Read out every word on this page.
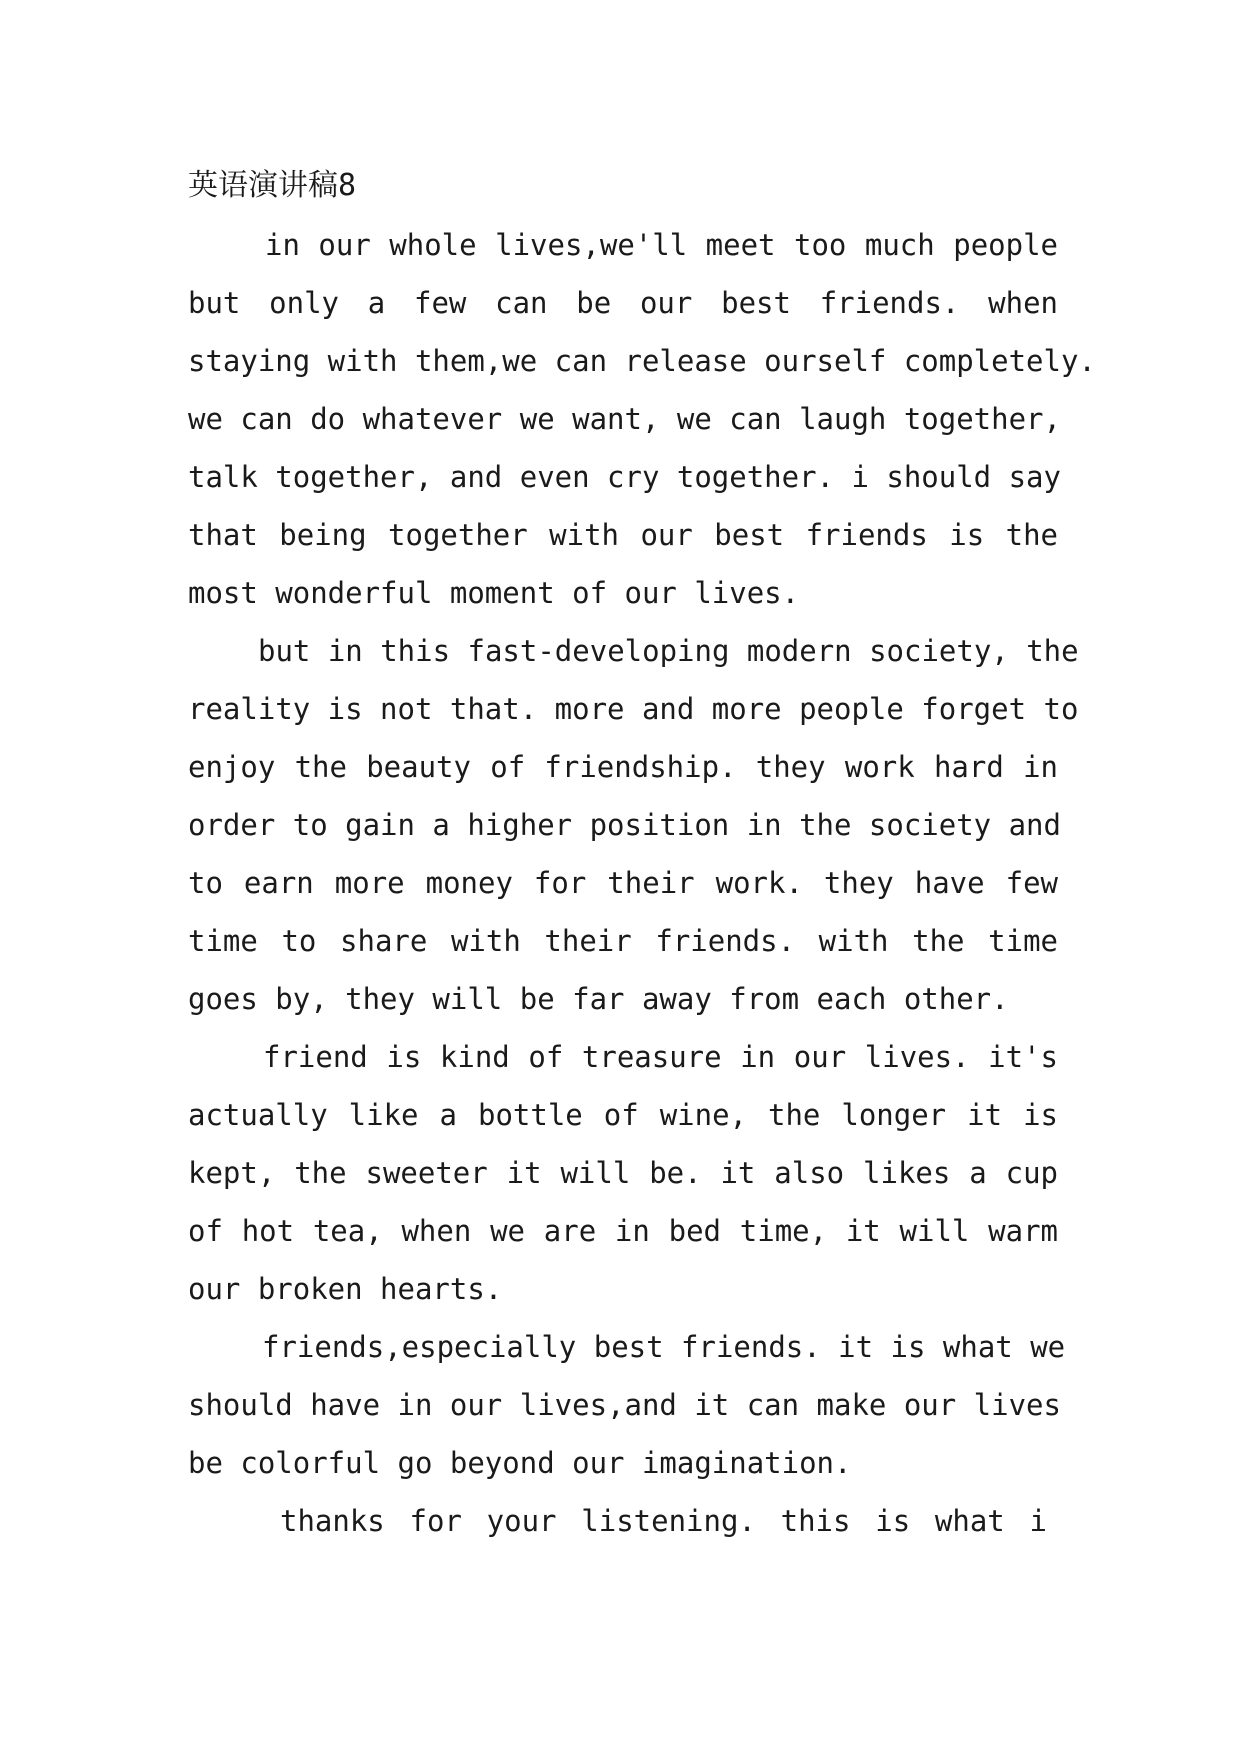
英语演讲稿8
in our whole lives,we'll meet too much people
but only a few can be our best friends. when
staying with them,we can release ourself completely.
we can do whatever we want, we can laugh together,
talk together, and even cry together. i should say
that being together with our best friends is the
most wonderful moment of our lives.
but in this fast-developing modern society, the
reality is not that. more and more people forget to
enjoy the beauty of friendship. they work hard in
order to gain a higher position in the society and
to earn more money for their work. they have few
time to share with their friends. with the time
goes by, they will be far away from each other.
friend is kind of treasure in our lives. it's
actually like a bottle of wine, the longer it is
kept, the sweeter it will be. it also likes a cup
of hot tea, when we are in bed time, it will warm
our broken hearts.
friends,especially best friends. it is what we
should have in our lives,and it can make our lives
be colorful go beyond our imagination.
thanks for your listening. this is what i
